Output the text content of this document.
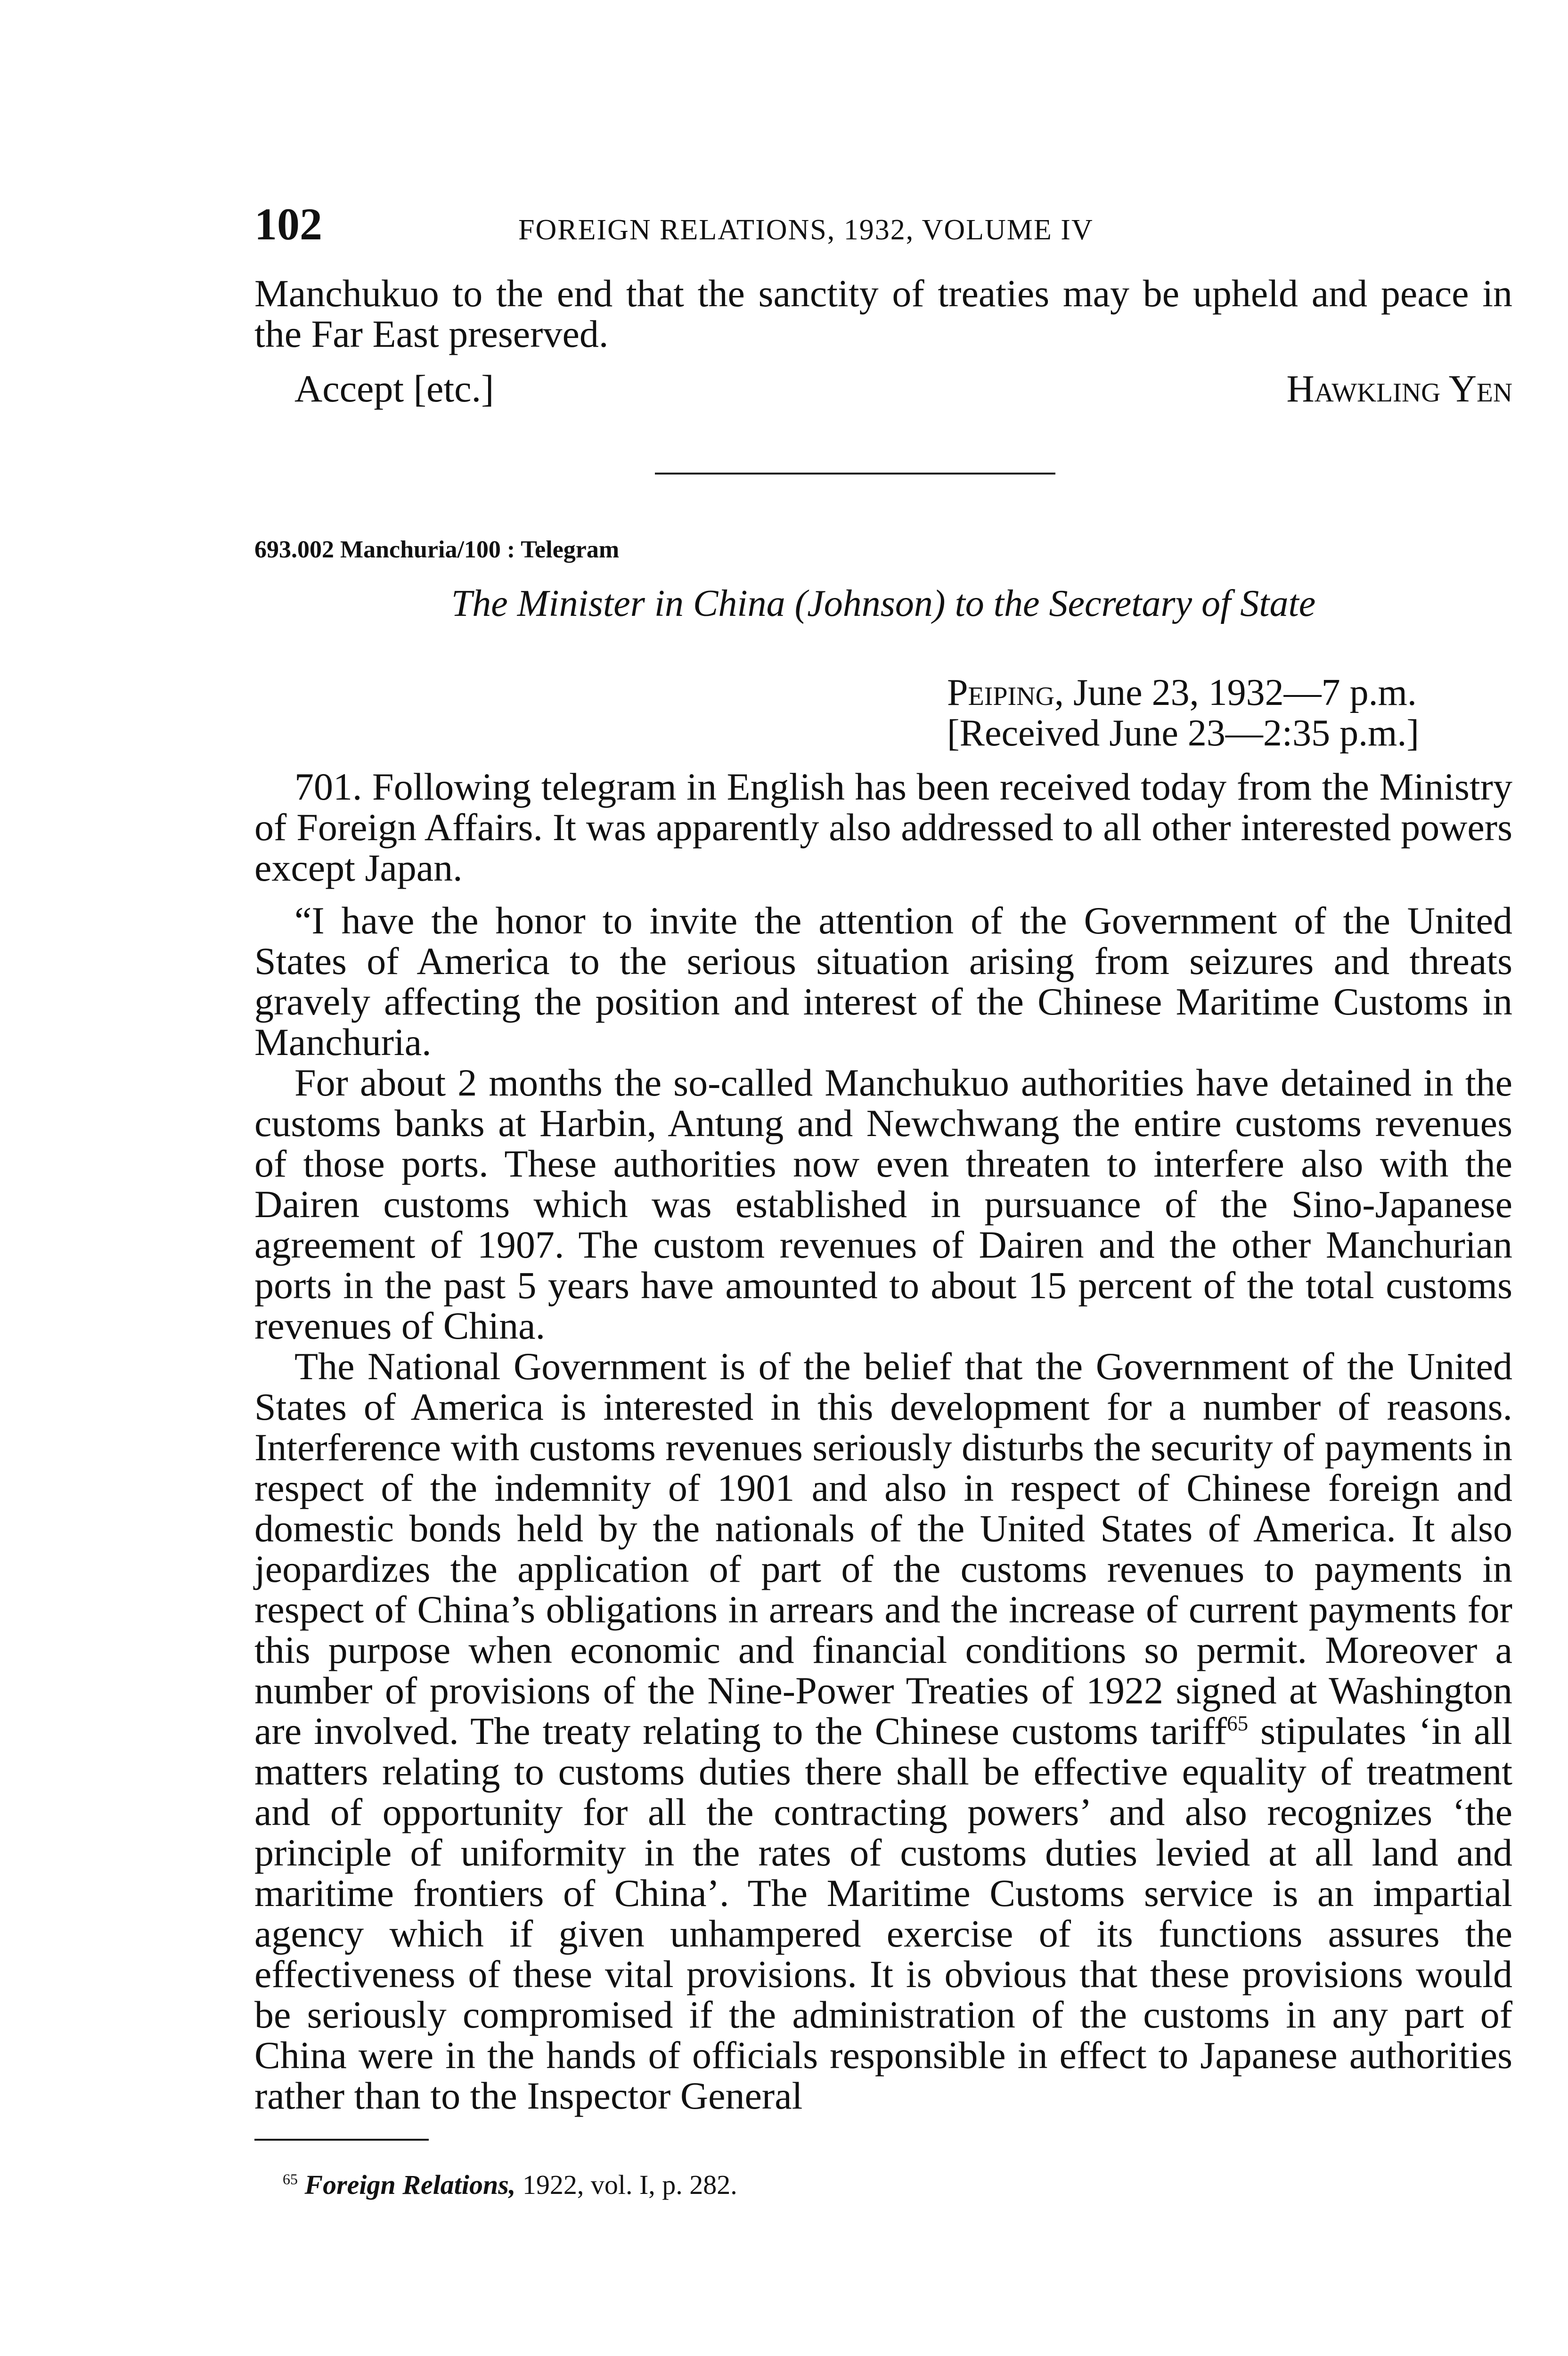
102	FOREIGN RELATIONS, 1932, VOLUME IV

Manchukuo to the end that the sanctity of treaties may be upheld and peace in the Far East preserved.

Accept [etc.]	Hawkling Yen
693.002 Manchuria/100 : Telegram
The Minister in China (Johnson) to the Secretary of State
Peiping, June 23, 1932—7 p.m.
[Received June 23—2:35 p.m.]

701. Following telegram in English has been received today from the Ministry of Foreign Affairs. It was apparently also addressed to all other interested powers except Japan.

“I have the honor to invite the attention of the Government of the United States of America to the serious situation arising from seizures and threats gravely affecting the position and interest of the Chinese Maritime Customs in Manchuria.

For about 2 months the so-called Manchukuo authorities have detained in the customs banks at Harbin, Antung and Newchwang the entire customs revenues of those ports. These authorities now even threaten to interfere also with the Dairen customs which was established in pursuance of the Sino-Japanese agreement of 1907. The custom revenues of Dairen and the other Manchurian ports in the past 5 years have amounted to about 15 percent of the total customs revenues of China.

The National Government is of the belief that the Government of the United States of America is interested in this development for a number of reasons. Interference with customs revenues seriously disturbs the security of payments in respect of the indemnity of 1901 and also in respect of Chinese foreign and domestic bonds held by the nationals of the United States of America. It also jeopardizes the application of part of the customs revenues to payments in respect of China’s obligations in arrears and the increase of current payments for this purpose when economic and financial conditions so permit. Moreover a number of provisions of the Nine-Power Treaties of 1922 signed at Washington are involved. The treaty relating to the Chinese customs tariff$^{65}$ stipulates ‘in all matters relating to customs duties there shall be effective equality of treatment and of opportunity for all the contracting powers’ and also recognizes ‘the principle of uniformity in the rates of customs duties levied at all land and maritime frontiers of China’. The Maritime Customs service is an impartial agency which if given unhampered exercise of its functions assures the effectiveness of these vital provisions. It is obvious that these provisions would be seriously compromised if the administration of the customs in any part of China were in the hands of officials responsible in effect to Japanese authorities rather than to the Inspector General

$^{65}$ Foreign Relations, 1922, vol. I, p. 282.
